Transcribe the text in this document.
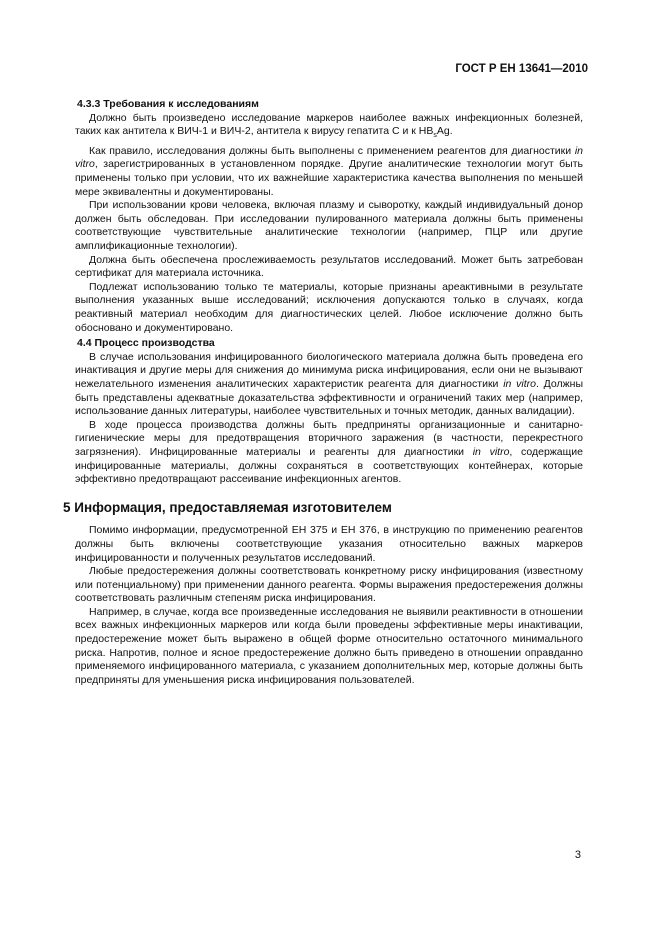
ГОСТ Р ЕН 13641—2010
4.3.3 Требования к исследованиям

Должно быть произведено исследование маркеров наиболее важных инфекционных болезней, таких как антитела к ВИЧ-1 и ВИЧ-2, антитела к вирусу гепатита С и к $НВ_sAg$.

Как правило, исследования должны быть выполнены с применением реагентов для диагностики in vitro, зарегистрированных в установленном порядке. Другие аналитические технологии могут быть применены только при условии, что их важнейшие характеристика качества выполнения по меньшей мере эквивалентны и документированы.

При использовании крови человека, включая плазму и сыворотку, каждый индивидуальный донор должен быть обследован. При исследовании пулированного материала должны быть применены соответствующие чувствительные аналитические технологии (например, ПЦР или другие амплификационные технологии).

Должна быть обеспечена прослеживаемость результатов исследований. Может быть затребован сертификат для материала источника.

Подлежат использованию только те материалы, которые признаны ареактивными в результате выполнения указанных выше исследований; исключения допускаются только в случаях, когда реактивный материал необходим для диагностических целей. Любое исключение должно быть обосновано и документировано.

4.4 Процесс производства

В случае использования инфицированного биологического материала должна быть проведена его инактивация и другие меры для снижения до минимума риска инфицирования, если они не вызывают нежелательного изменения аналитических характеристик реагента для диагностики in vitro. Должны быть представлены адекватные доказательства эффективности и ограничений таких мер (например, использование данных литературы, наиболее чувствительных и точных методик, данных валидации).

В ходе процесса производства должны быть предприняты организационные и санитарно-гигиенические меры для предотвращения вторичного заражения (в частности, перекрестного загрязнения). Инфицированные материалы и реагенты для диагностики in vitro, содержащие инфицированные материалы, должны сохраняться в соответствующих контейнерах, которые эффективно предотвращают рассеивание инфекционных агентов.

5 Информация, предоставляемая изготовителем

Помимо информации, предусмотренной ЕН 375 и ЕН 376, в инструкцию по применению реагентов должны быть включены соответствующие указания относительно важных маркеров инфицированности и полученных результатов исследований.

Любые предостережения должны соответствовать конкретному риску инфицирования (известному или потенциальному) при применении данного реагента. Формы выражения предостережения должны соответствовать различным степеням риска инфицирования.

Например, в случае, когда все произведенные исследования не выявили реактивности в отношении всех важных инфекционных маркеров или когда были проведены эффективные меры инактивации, предостережение может быть выражено в общей форме относительно остаточного минимального риска. Напротив, полное и ясное предостережение должно быть приведено в отношении оправданно применяемого инфицированного материала, с указанием дополнительных мер, которые должны быть предприняты для уменьшения риска инфицирования пользователей.

3
